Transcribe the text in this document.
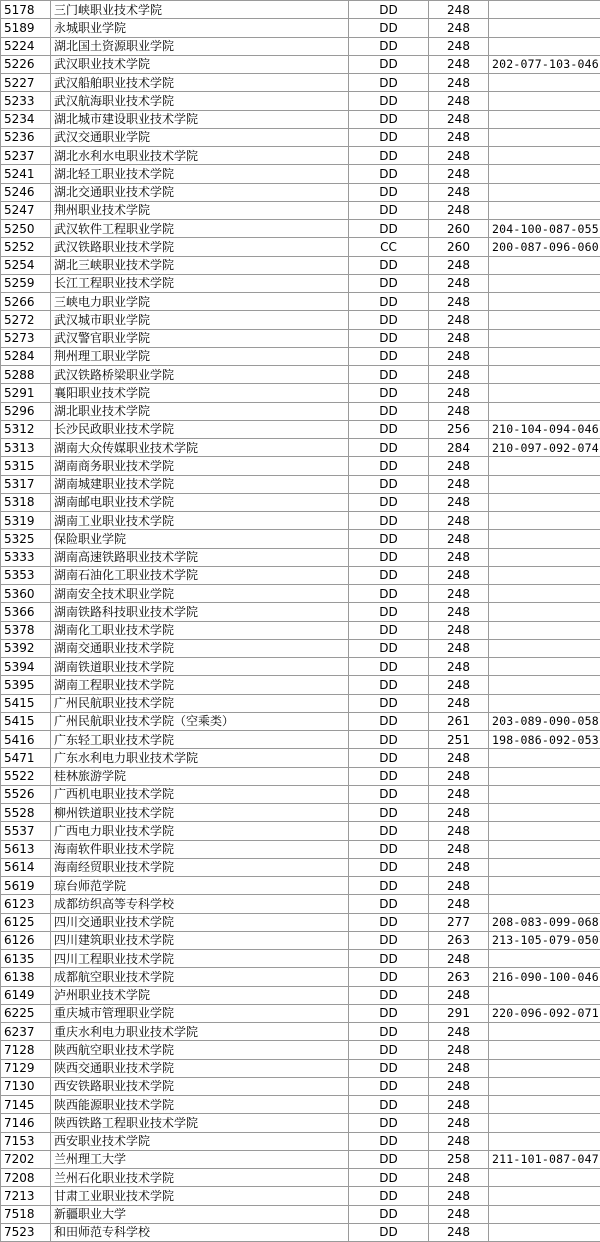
5178	三门峡职业技术学院	DD	248	
5189	永城职业学院	DD	248	
5224	湖北国土资源职业学院	DD	248	
5226	武汉职业技术学院	DD	248	202-077-103-046
5227	武汉船舶职业技术学院	DD	248	
5233	武汉航海职业技术学院	DD	248	
5234	湖北城市建设职业技术学院	DD	248	
5236	武汉交通职业学院	DD	248	
5237	湖北水利水电职业技术学院	DD	248	
5241	湖北轻工职业技术学院	DD	248	
5246	湖北交通职业技术学院	DD	248	
5247	荆州职业技术学院	DD	248	
5250	武汉软件工程职业学院	DD	260	204-100-087-055
5252	武汉铁路职业技术学院	CC	260	200-087-096-060
5254	湖北三峡职业技术学院	DD	248	
5259	长江工程职业技术学院	DD	248	
5266	三峡电力职业学院	DD	248	
5272	武汉城市职业学院	DD	248	
5273	武汉警官职业学院	DD	248	
5284	荆州理工职业学院	DD	248	
5288	武汉铁路桥梁职业学院	DD	248	
5291	襄阳职业技术学院	DD	248	
5296	湖北职业技术学院	DD	248	
5312	长沙民政职业技术学院	DD	256	210-104-094-046
5313	湖南大众传媒职业技术学院	DD	284	210-097-092-074
5315	湖南商务职业技术学院	DD	248	
5317	湖南城建职业技术学院	DD	248	
5318	湖南邮电职业技术学院	DD	248	
5319	湖南工业职业技术学院	DD	248	
5325	保险职业学院	DD	248	
5333	湖南高速铁路职业技术学院	DD	248	
5353	湖南石油化工职业技术学院	DD	248	
5360	湖南安全技术职业学院	DD	248	
5366	湖南铁路科技职业技术学院	DD	248	
5378	湖南化工职业技术学院	DD	248	
5392	湖南交通职业技术学院	DD	248	
5394	湖南铁道职业技术学院	DD	248	
5395	湖南工程职业技术学院	DD	248	
5415	广州民航职业技术学院	DD	248	
5415	广州民航职业技术学院（空乘类）	DD	261	203-089-090-058
5416	广东轻工职业技术学院	DD	251	198-086-092-053
5471	广东水利电力职业技术学院	DD	248	
5522	桂林旅游学院	DD	248	
5526	广西机电职业技术学院	DD	248	
5528	柳州铁道职业技术学院	DD	248	
5537	广西电力职业技术学院	DD	248	
5613	海南软件职业技术学院	DD	248	
5614	海南经贸职业技术学院	DD	248	
5619	琼台师范学院	DD	248	
6123	成都纺织高等专科学校	DD	248	
6125	四川交通职业技术学院	DD	277	208-083-099-068
6126	四川建筑职业技术学院	DD	263	213-105-079-050
6135	四川工程职业技术学院	DD	248	
6138	成都航空职业技术学院	DD	263	216-090-100-046
6149	泸州职业技术学院	DD	248	
6225	重庆城市管理职业学院	DD	291	220-096-092-071
6237	重庆水利电力职业技术学院	DD	248	
7128	陕西航空职业技术学院	DD	248	
7129	陕西交通职业技术学院	DD	248	
7130	西安铁路职业技术学院	DD	248	
7145	陕西能源职业技术学院	DD	248	
7146	陕西铁路工程职业技术学院	DD	248	
7153	西安职业技术学院	DD	248	
7202	兰州理工大学	DD	258	211-101-087-047
7208	兰州石化职业技术学院	DD	248	
7213	甘肃工业职业技术学院	DD	248	
7518	新疆职业大学	DD	248	
7523	和田师范专科学校	DD	248	
